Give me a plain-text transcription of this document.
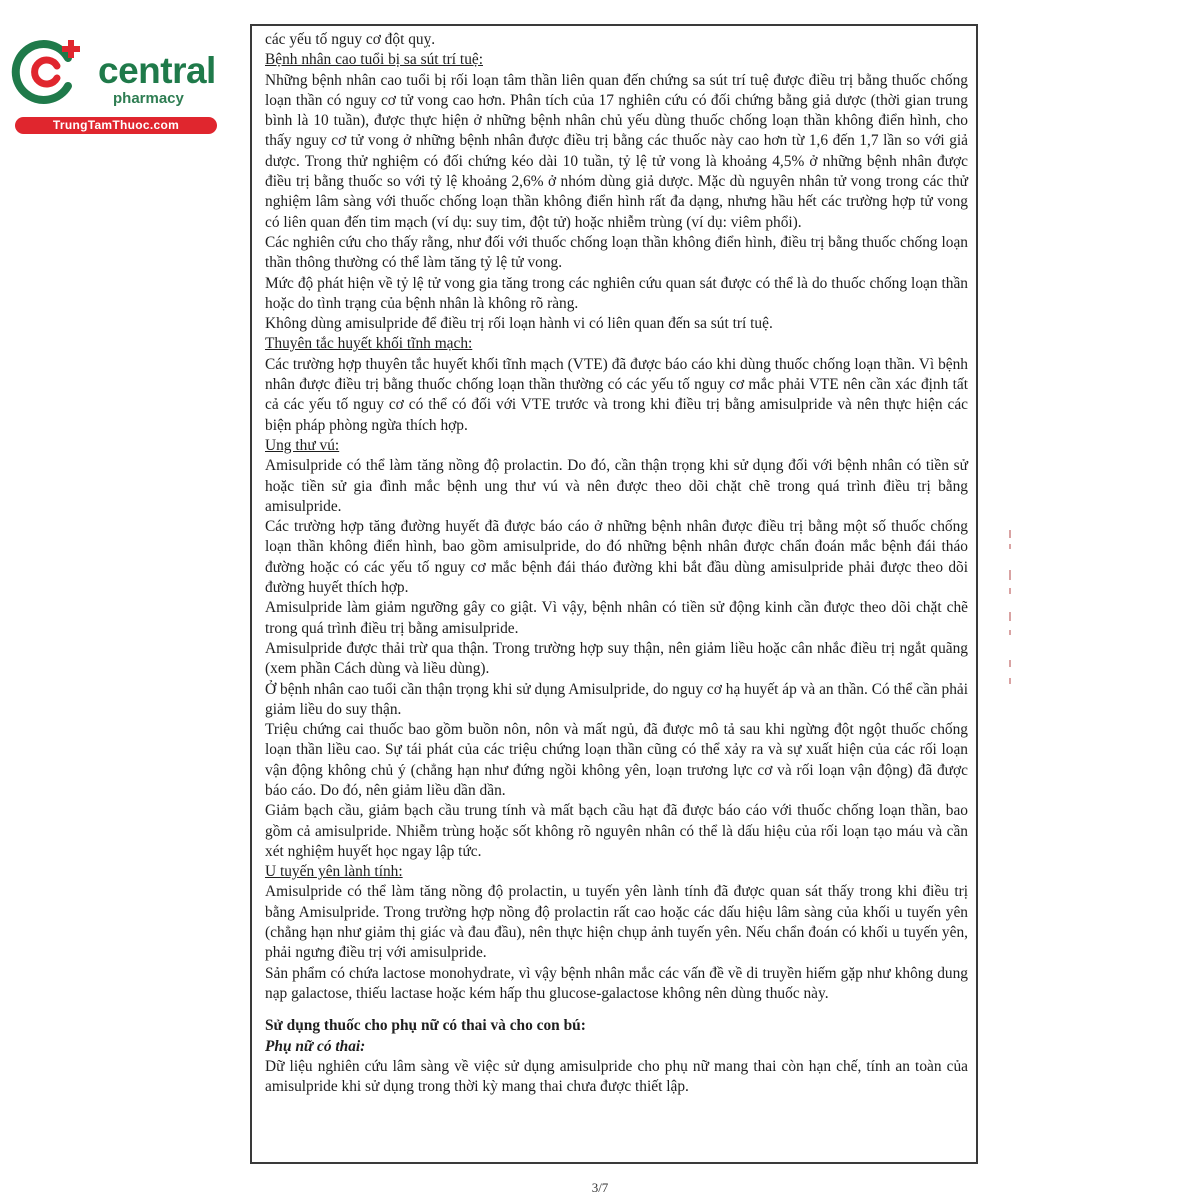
central
pharmacy
TrungTamThuoc.com

các yếu tố nguy cơ đột quỵ.

Bệnh nhân cao tuổi bị sa sút trí tuệ:

Những bệnh nhân cao tuổi bị rối loạn tâm thần liên quan đến chứng sa sút trí tuệ được điều trị bằng thuốc chống loạn thần có nguy cơ tử vong cao hơn. Phân tích của 17 nghiên cứu có đối chứng bằng giả dược (thời gian trung bình là 10 tuần), được thực hiện ở những bệnh nhân chủ yếu dùng thuốc chống loạn thần không điển hình, cho thấy nguy cơ tử vong ở những bệnh nhân được điều trị bằng các thuốc này cao hơn từ 1,6 đến 1,7 lần so với giả dược. Trong thử nghiệm có đối chứng kéo dài 10 tuần, tỷ lệ tử vong là khoảng 4,5% ở những bệnh nhân được điều trị bằng thuốc so với tỷ lệ khoảng 2,6% ở nhóm dùng giả dược. Mặc dù nguyên nhân tử vong trong các thử nghiệm lâm sàng với thuốc chống loạn thần không điển hình rất đa dạng, nhưng hầu hết các trường hợp tử vong có liên quan đến tim mạch (ví dụ: suy tim, đột tử) hoặc nhiễm trùng (ví dụ: viêm phổi).

Các nghiên cứu cho thấy rằng, như đối với thuốc chống loạn thần không điển hình, điều trị bằng thuốc chống loạn thần thông thường có thể làm tăng tỷ lệ tử vong.

Mức độ phát hiện về tỷ lệ tử vong gia tăng trong các nghiên cứu quan sát được có thể là do thuốc chống loạn thần hoặc do tình trạng của bệnh nhân là không rõ ràng.

Không dùng amisulpride để điều trị rối loạn hành vi có liên quan đến sa sút trí tuệ.

Thuyên tắc huyết khối tĩnh mạch:

Các trường hợp thuyên tắc huyết khối tĩnh mạch (VTE) đã được báo cáo khi dùng thuốc chống loạn thần. Vì bệnh nhân được điều trị bằng thuốc chống loạn thần thường có các yếu tố nguy cơ mắc phải VTE nên cần xác định tất cả các yếu tố nguy cơ có thể có đối với VTE trước và trong khi điều trị bằng amisulpride và nên thực hiện các biện pháp phòng ngừa thích hợp.

Ung thư vú:

Amisulpride có thể làm tăng nồng độ prolactin. Do đó, cần thận trọng khi sử dụng đối với bệnh nhân có tiền sử hoặc tiền sử gia đình mắc bệnh ung thư vú và nên được theo dõi chặt chẽ trong quá trình điều trị bằng amisulpride.

Các trường hợp tăng đường huyết đã được báo cáo ở những bệnh nhân được điều trị bằng một số thuốc chống loạn thần không điển hình, bao gồm amisulpride, do đó những bệnh nhân được chẩn đoán mắc bệnh đái tháo đường hoặc có các yếu tố nguy cơ mắc bệnh đái tháo đường khi bắt đầu dùng amisulpride phải được theo dõi đường huyết thích hợp.

Amisulpride làm giảm ngưỡng gây co giật. Vì vậy, bệnh nhân có tiền sử động kinh cần được theo dõi chặt chẽ trong quá trình điều trị bằng amisulpride.

Amisulpride được thải trừ qua thận. Trong trường hợp suy thận, nên giảm liều hoặc cân nhắc điều trị ngắt quãng (xem phần Cách dùng và liều dùng).

Ở bệnh nhân cao tuổi cần thận trọng khi sử dụng Amisulpride, do nguy cơ hạ huyết áp và an thần. Có thể cần phải giảm liều do suy thận.

Triệu chứng cai thuốc bao gồm buồn nôn, nôn và mất ngủ, đã được mô tả sau khi ngừng đột ngột thuốc chống loạn thần liều cao. Sự tái phát của các triệu chứng loạn thần cũng có thể xảy ra và sự xuất hiện của các rối loạn vận động không chủ ý (chẳng hạn như đứng ngồi không yên, loạn trương lực cơ và rối loạn vận động) đã được báo cáo. Do đó, nên giảm liều dần dần.

Giảm bạch cầu, giảm bạch cầu trung tính và mất bạch cầu hạt đã được báo cáo với thuốc chống loạn thần, bao gồm cả amisulpride. Nhiễm trùng hoặc sốt không rõ nguyên nhân có thể là dấu hiệu của rối loạn tạo máu và cần xét nghiệm huyết học ngay lập tức.

U tuyến yên lành tính:

Amisulpride có thể làm tăng nồng độ prolactin, u tuyến yên lành tính đã được quan sát thấy trong khi điều trị bằng Amisulpride. Trong trường hợp nồng độ prolactin rất cao hoặc các dấu hiệu lâm sàng của khối u tuyến yên (chẳng hạn như giảm thị giác và đau đầu), nên thực hiện chụp ảnh tuyến yên. Nếu chẩn đoán có khối u tuyến yên, phải ngưng điều trị với amisulpride.

Sản phẩm có chứa lactose monohydrate, vì vậy bệnh nhân mắc các vấn đề về di truyền hiếm gặp như không dung nạp galactose, thiếu lactase hoặc kém hấp thu glucose-galactose không nên dùng thuốc này.

Sử dụng thuốc cho phụ nữ có thai và cho con bú:

Phụ nữ có thai:

Dữ liệu nghiên cứu lâm sàng về việc sử dụng amisulpride cho phụ nữ mang thai còn hạn chế, tính an toàn của amisulpride khi sử dụng trong thời kỳ mang thai chưa được thiết lập.

3/7
